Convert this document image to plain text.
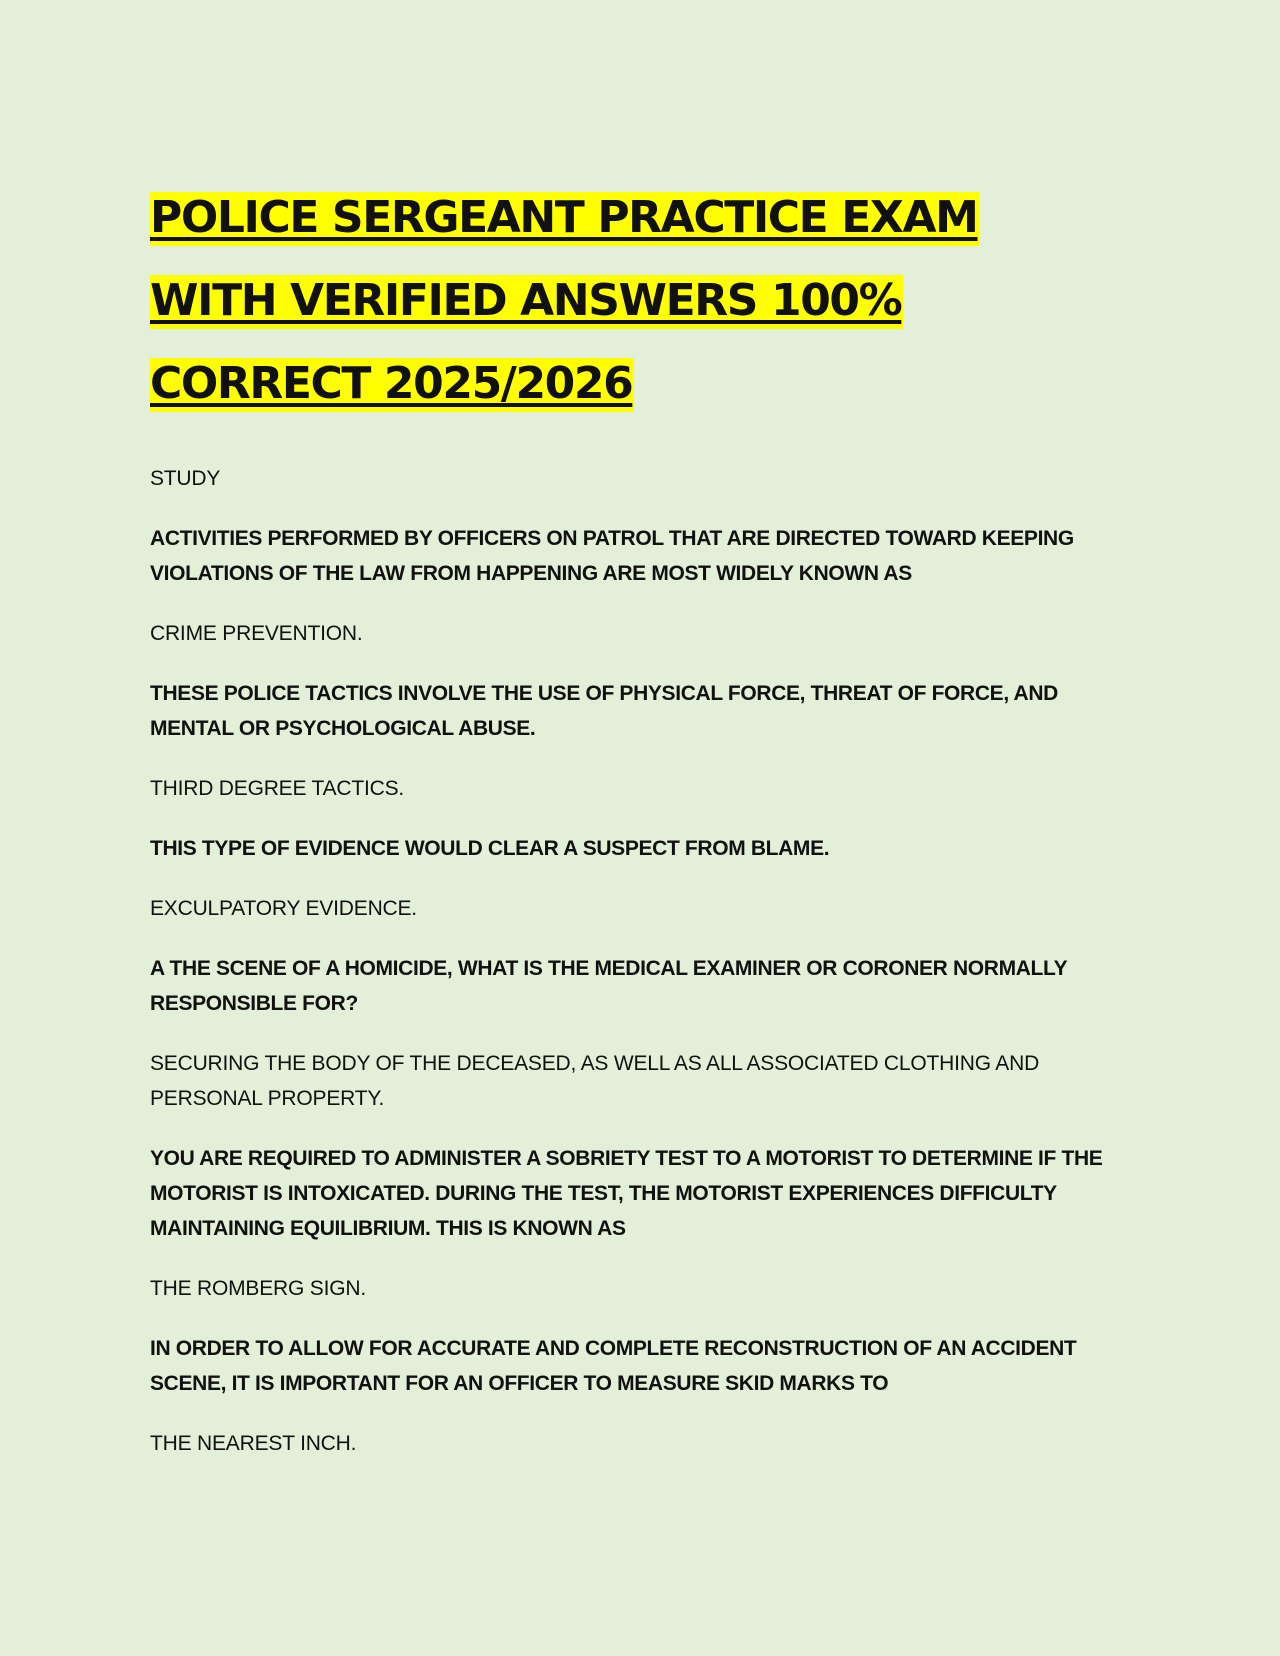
POLICE SERGEANT PRACTICE EXAM
WITH VERIFIED ANSWERS 100%
CORRECT 2025/2026
STUDY
ACTIVITIES PERFORMED BY OFFICERS ON PATROL THAT ARE DIRECTED TOWARD KEEPING VIOLATIONS OF THE LAW FROM HAPPENING ARE MOST WIDELY KNOWN AS
CRIME PREVENTION.
THESE POLICE TACTICS INVOLVE THE USE OF PHYSICAL FORCE, THREAT OF FORCE, AND MENTAL OR PSYCHOLOGICAL ABUSE.
THIRD DEGREE TACTICS.
THIS TYPE OF EVIDENCE WOULD CLEAR A SUSPECT FROM BLAME.
EXCULPATORY EVIDENCE.
A THE SCENE OF A HOMICIDE, WHAT IS THE MEDICAL EXAMINER OR CORONER NORMALLY RESPONSIBLE FOR?
SECURING THE BODY OF THE DECEASED, AS WELL AS ALL ASSOCIATED CLOTHING AND PERSONAL PROPERTY.
YOU ARE REQUIRED TO ADMINISTER A SOBRIETY TEST TO A MOTORIST TO DETERMINE IF THE MOTORIST IS INTOXICATED. DURING THE TEST, THE MOTORIST EXPERIENCES DIFFICULTY MAINTAINING EQUILIBRIUM. THIS IS KNOWN AS
THE ROMBERG SIGN.
IN ORDER TO ALLOW FOR ACCURATE AND COMPLETE RECONSTRUCTION OF AN ACCIDENT SCENE, IT IS IMPORTANT FOR AN OFFICER TO MEASURE SKID MARKS TO
THE NEAREST INCH.
